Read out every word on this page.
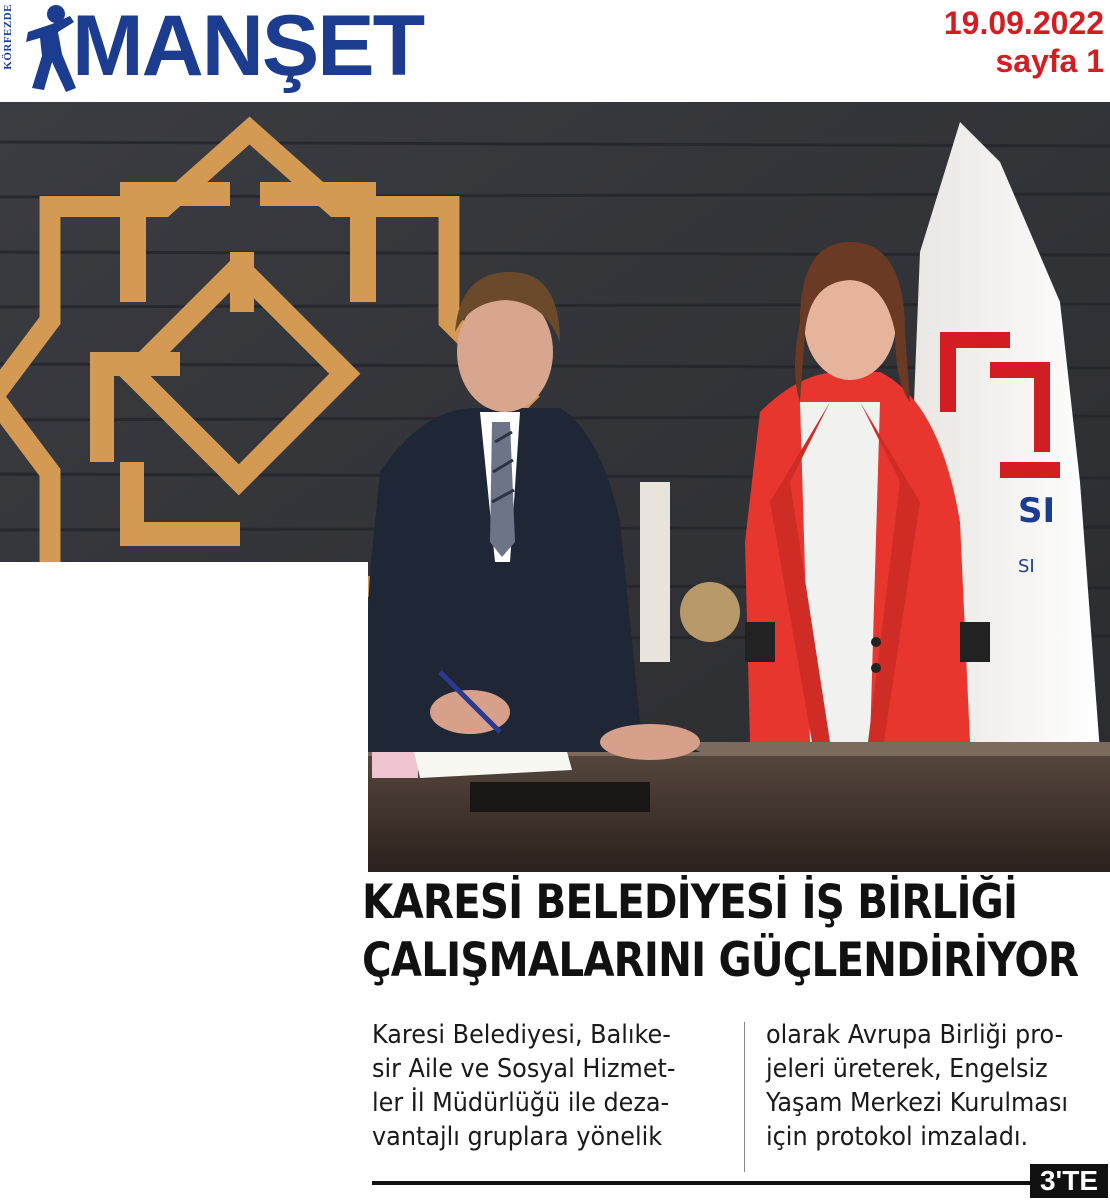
KÖRFEZDE MANŞET	19.09.2022
sayfa 1
SI
SI
KARESİ BELEDİYESİ İŞ BİRLİĞİ
ÇALIŞMALARINI GÜÇLENDİRİYOR
Karesi Belediyesi, Balıke-
sir Aile ve Sosyal Hizmet-
ler İl Müdürlüğü ile deza-
vantajlı gruplara yönelik
olarak Avrupa Birliği pro-
jeleri üreterek, Engelsiz
Yaşam Merkezi Kurulması
için protokol imzaladı.
3'TE
